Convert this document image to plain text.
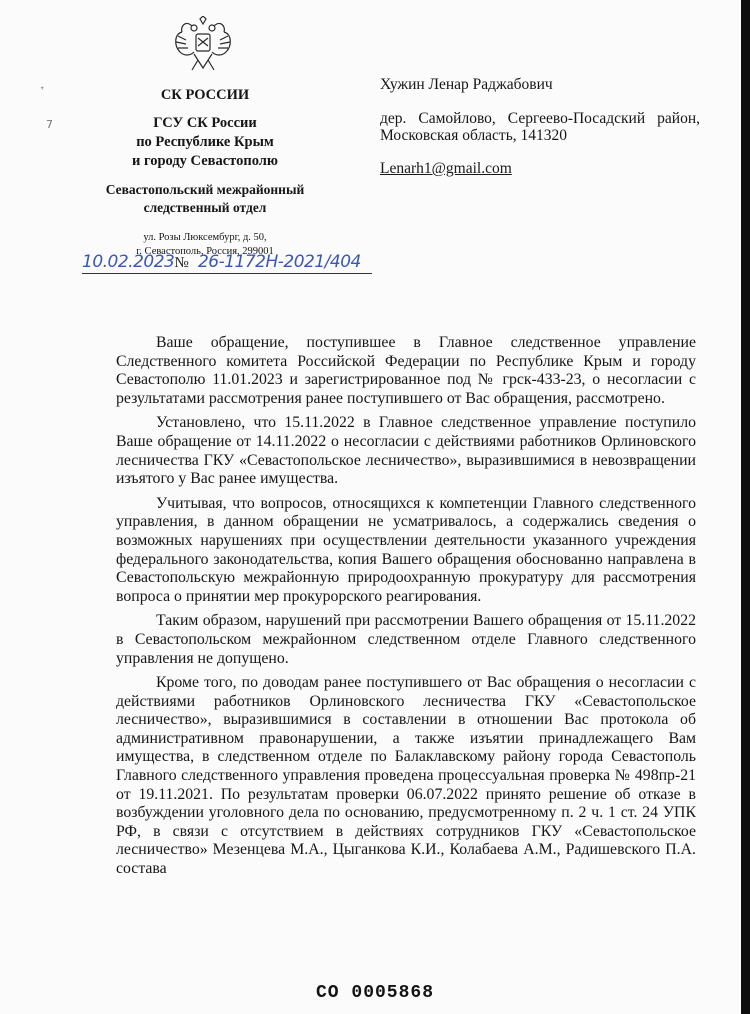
СК РОССИИ
ГСУ СК России
по Республике Крым
и городу Севастополю
Севастопольский межрайонный
следственный отдел
ул. Розы Люксембург, д. 50,
г. Севастополь, Россия, 299001
10.02.2023№ 26-1172H-2021/404
ᐩ
7
Хужин Ленар Раджабович
дер. Самойлово, Сергеево-Посадский район, Московская область, 141320
Lenarh1@gmail.com

Ваше обращение, поступившее в Главное следственное управление Следственного комитета Российской Федерации по Республике Крым и городу Севастополю 11.01.2023 и зарегистрированное под № грск-433-23, о несогласии с результатами рассмотрения ранее поступившего от Вас обращения, рассмотрено.

Установлено, что 15.11.2022 в Главное следственное управление поступило Ваше обращение от 14.11.2022 о несогласии с действиями работников Орлиновского лесничества ГКУ «Севастопольское лесничество», выразившимися в невозвращении изъятого у Вас ранее имущества.

Учитывая, что вопросов, относящихся к компетенции Главного следственного управления, в данном обращении не усматривалось, а содержались сведения о возможных нарушениях при осуществлении деятельности указанного учреждения федерального законодательства, копия Вашего обращения обоснованно направлена в Севастопольскую межрайонную природоохранную прокуратуру для рассмотрения вопроса о принятии мер прокурорского реагирования.

Таким образом, нарушений при рассмотрении Вашего обращения от 15.11.2022 в Севастопольском межрайонном следственном отделе Главного следственного управления не допущено.

Кроме того, по доводам ранее поступившего от Вас обращения о несогласии с действиями работников Орлиновского лесничества ГКУ «Севастопольское лесничество», выразившимися в составлении в отношении Вас протокола об административном правонарушении, а также изъятии принадлежащего Вам имущества, в следственном отделе по Балаклавскому району города Севастополь Главного следственного управления проведена процессуальная проверка № 498пр-21 от 19.11.2021. По результатам проверки 06.07.2022 принято решение об отказе в возбуждении уголовного дела по основанию, предусмотренному п. 2 ч. 1 ст. 24 УПК РФ, в связи с отсутствием в действиях сотрудников ГКУ «Севастопольское лесничество» Мезенцева М.А., Цыганкова К.И., Колабаева А.М., Радишевского П.А. состава

СО 0005868
